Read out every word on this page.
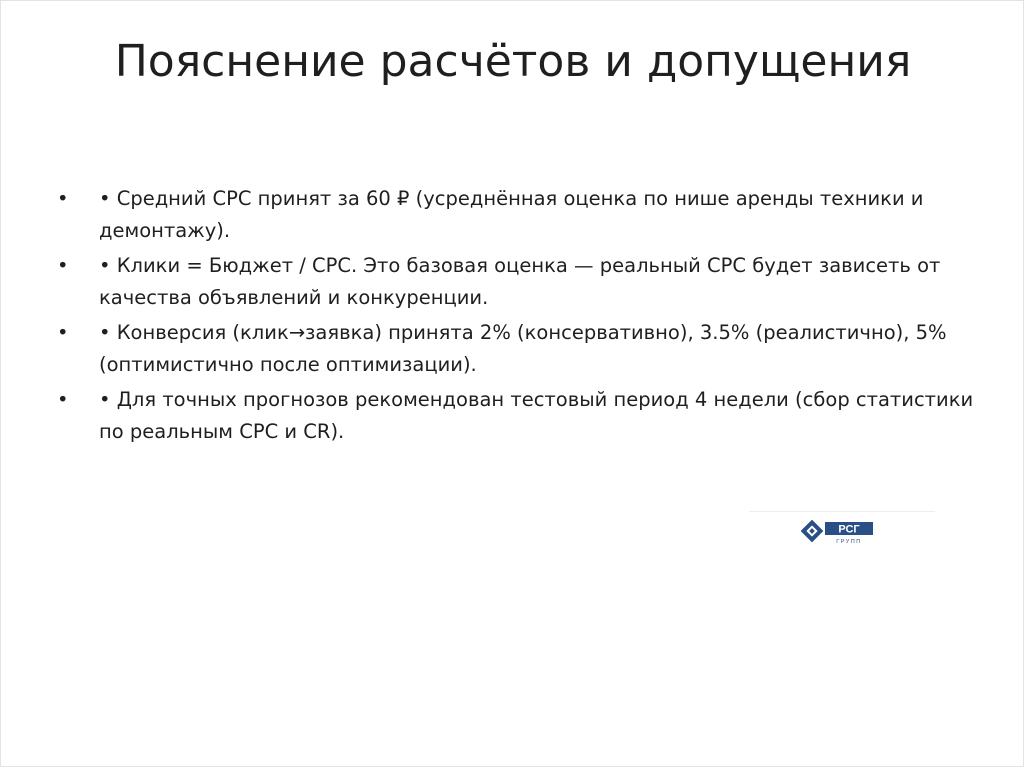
Пояснение расчётов и допущения
•	• Средний CPC принят за 60 ₽ (усреднённая оценка по нише аренды техники и демонтажу).
•	• Клики = Бюджет / CPC. Это базовая оценка — реальный CPC будет зависеть от качества объявлений и конкуренции.
•	• Конверсия (клик→заявка) принята 2% (консервативно), 3.5% (реалистично), 5% (оптимистично после оптимизации).
•	• Для точных прогнозов рекомендован тестовый период 4 недели (сбор статистики по реальным CPC и CR).
РСГ
ГРУПП
